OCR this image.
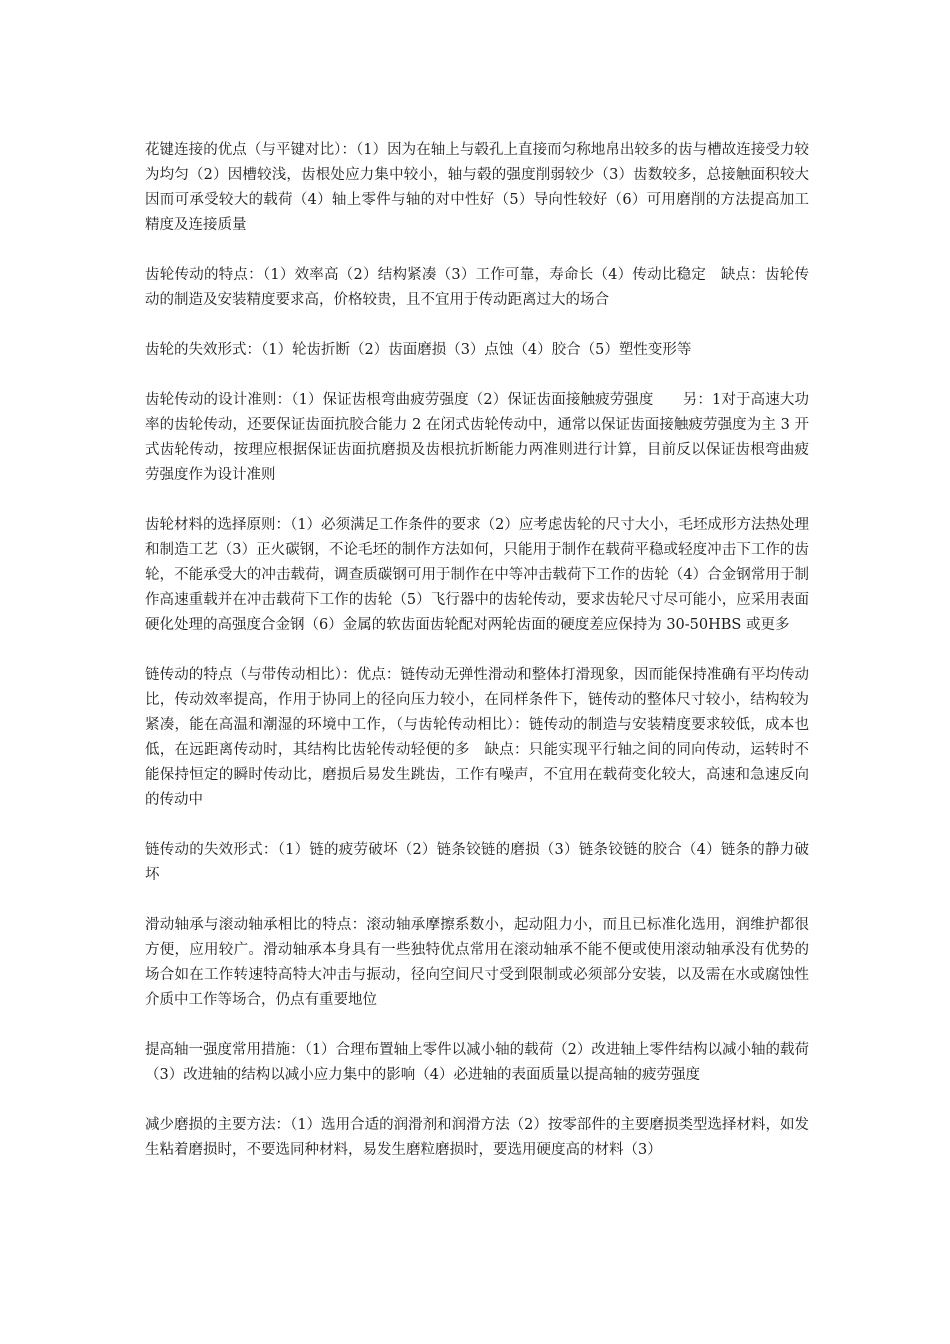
花键连接的优点（与平键对比）：（1）因为在轴上与毂孔上直接而匀称地帛出较多的齿与槽故连接受力较为均匀（2）因槽较浅，齿根处应力集中较小，轴与毂的强度削弱较少（3）齿数较多，总接触面积较大因而可承受较大的载荷（4）轴上零件与轴的对中性好（5）导向性较好（6）可用磨削的方法提高加工精度及连接质量

齿轮传动的特点：（1）效率高（2）结构紧凑（3）工作可靠，寿命长（4）传动比稳定　缺点：齿轮传动的制造及安装精度要求高，价格较贵，且不宜用于传动距离过大的场合

齿轮的失效形式：（1）轮齿折断（2）齿面磨损（3）点蚀（4）胶合（5）塑性变形等

齿轮传动的设计准则：（1）保证齿根弯曲疲劳强度（2）保证齿面接触疲劳强度　　另：1对于高速大功率的齿轮传动，还要保证齿面抗胶合能力 2 在闭式齿轮传动中，通常以保证齿面接触疲劳强度为主 3 开式齿轮传动，按理应根据保证齿面抗磨损及齿根抗折断能力两准则进行计算，目前反以保证齿根弯曲疲劳强度作为设计准则

齿轮材料的选择原则：（1）必须满足工作条件的要求（2）应考虑齿轮的尺寸大小，毛坯成形方法热处理和制造工艺（3）正火碳钢，不论毛坯的制作方法如何，只能用于制作在载荷平稳或轻度冲击下工作的齿轮，不能承受大的冲击载荷，调查质碳钢可用于制作在中等冲击载荷下工作的齿轮（4）合金钢常用于制作高速重载并在冲击载荷下工作的齿轮（5）飞行器中的齿轮传动，要求齿轮尺寸尽可能小，应采用表面硬化处理的高强度合金钢（6）金属的软齿面齿轮配对两轮齿面的硬度差应保持为 30-50HBS 或更多

链传动的特点（与带传动相比）：优点：链传动无弹性滑动和整体打滑现象，因而能保持准确有平均传动比，传动效率提高，作用于协同上的径向压力较小，在同样条件下，链传动的整体尺寸较小，结构较为紧凑，能在高温和潮湿的环境中工作，（与齿轮传动相比）：链传动的制造与安装精度要求较低，成本也低，在远距离传动时，其结构比齿轮传动轻便的多　缺点：只能实现平行轴之间的同向传动，运转时不能保持恒定的瞬时传动比，磨损后易发生跳齿，工作有噪声，不宜用在载荷变化较大，高速和急速反向的传动中

链传动的失效形式：（1）链的疲劳破坏（2）链条铰链的磨损（3）链条铰链的胶合（4）链条的静力破坏

滑动轴承与滚动轴承相比的特点：滚动轴承摩擦系数小，起动阻力小，而且已标准化选用，润维护都很方便，应用较广。滑动轴承本身具有一些独特优点常用在滚动轴承不能不便或使用滚动轴承没有优势的场合如在工作转速特高特大冲击与振动，径向空间尺寸受到限制或必须部分安装，以及需在水或腐蚀性介质中工作等场合，仍点有重要地位

提高轴一强度常用措施：（1）合理布置轴上零件以减小轴的载荷（2）改进轴上零件结构以减小轴的载荷（3）改进轴的结构以减小应力集中的影响（4）必进轴的表面质量以提高轴的疲劳强度

减少磨损的主要方法：（1）选用合适的润滑剂和润滑方法（2）按零部件的主要磨损类型选择材料，如发生粘着磨损时，不要选同种材料，易发生磨粒磨损时，要选用硬度高的材料（3）
